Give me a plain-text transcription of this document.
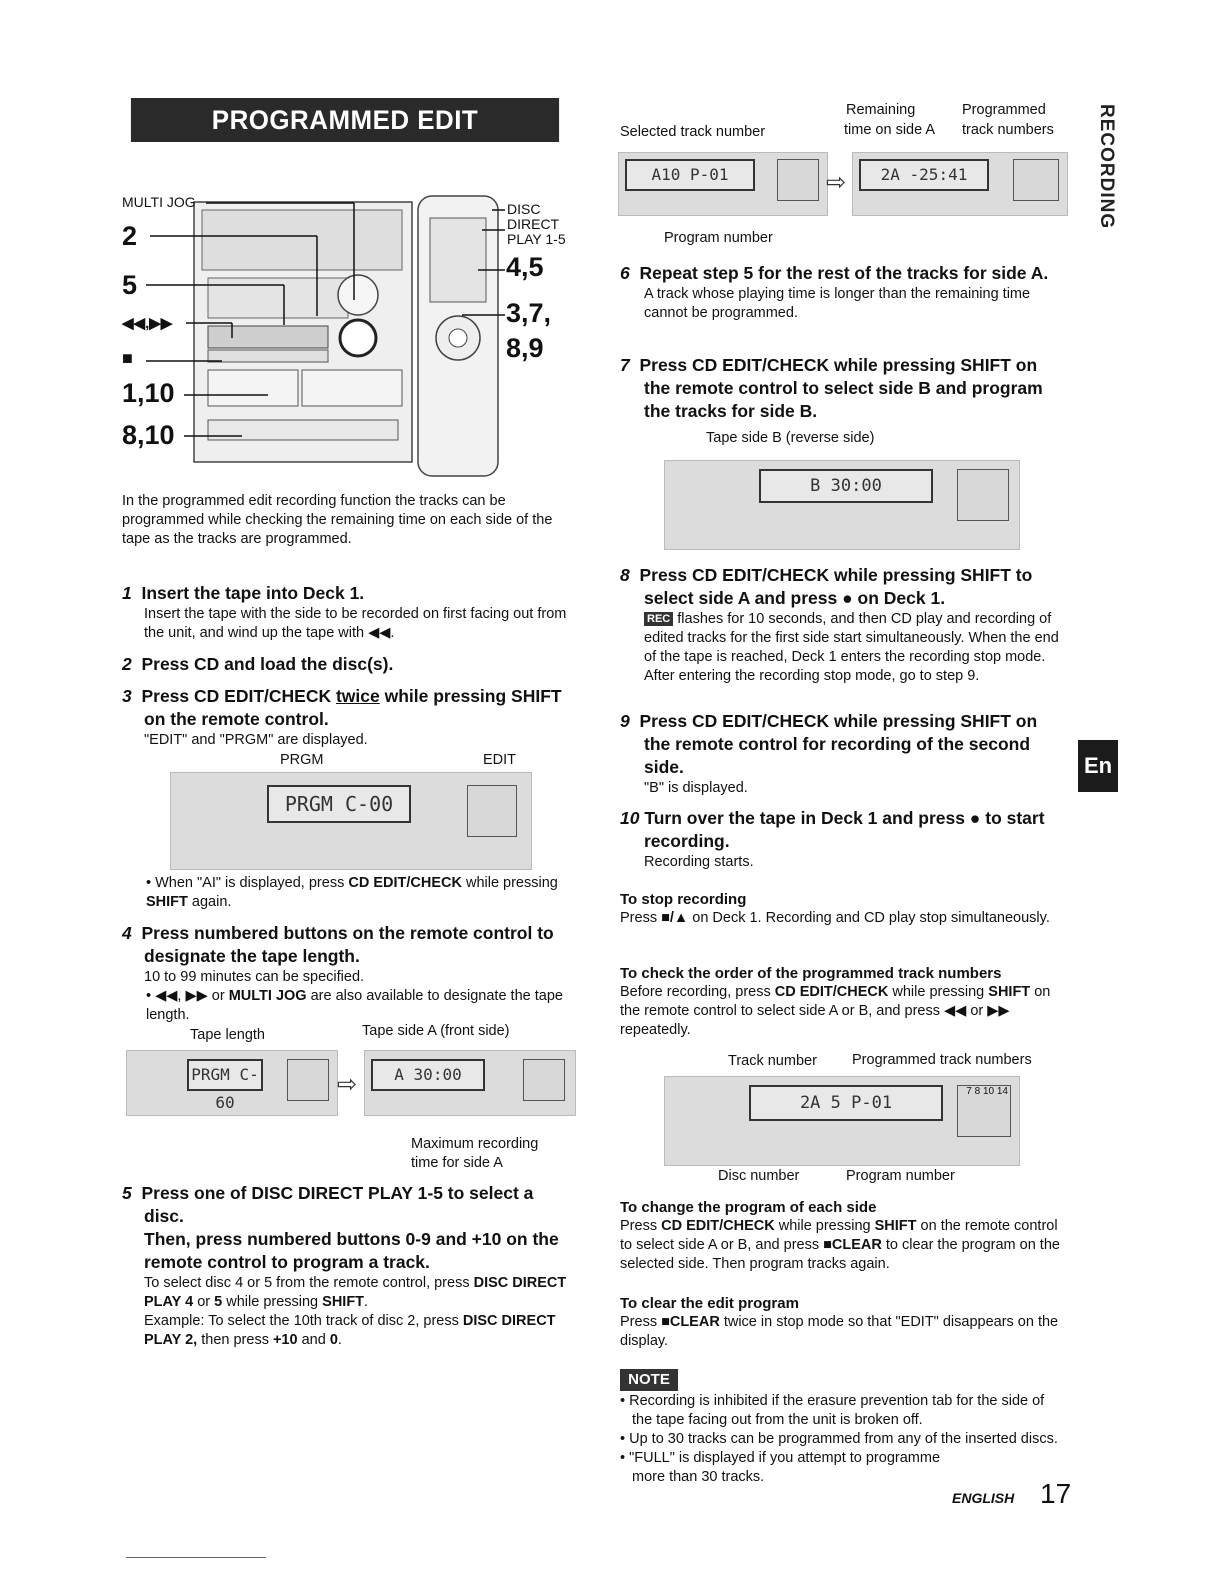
PROGRAMMED EDIT RECORDING	RECORDING
En
MULTI JOG
2
5
◀◀,▶▶
■
1,10
8,10
DISC
DIRECT
PLAY 1-5
4,5
3,7,
8,9
In the programmed edit recording function the tracks can be programmed while checking the remaining time on each side of the tape as the tracks are programmed.
1 Insert the tape into Deck 1.
Insert the tape with the side to be recorded on first facing out from the unit, and wind up the tape with ◀◀.
2 Press CD and load the disc(s).
3 Press CD EDIT/CHECK twice while pressing SHIFT on the remote control.
"EDIT" and "PRGM" are displayed.
PRGM	EDIT
PRGM C-00
• When "AI" is displayed, press CD EDIT/CHECK while pressing SHIFT again.
4 Press numbered buttons on the remote control to designate the tape length.
10 to 99 minutes can be specified.
• ◀◀, ▶▶ or MULTI JOG are also available to designate the tape length.
Tape length	Tape side A (front side)
PRGM C-60
⇨	A 30:00
Maximum recording
time for side A
5 Press one of DISC DIRECT PLAY 1-5 to select a disc.
Then, press numbered buttons 0-9 and +10 on the remote control to program a track.
To select disc 4 or 5 from the remote control, press DISC DIRECT PLAY 4 or 5 while pressing SHIFT.
Example: To select the 10th track of disc 2, press DISC DIRECT PLAY 2, then press +10 and 0.
Selected track number
Remaining
time on side A
Programmed
track numbers
A10 P-01	⇨	2A -25:41
Program number
6 Repeat step 5 for the rest of the tracks for side A.
A track whose playing time is longer than the remaining time cannot be programmed.
7 Press CD EDIT/CHECK while pressing SHIFT on the remote control to select side B and program the tracks for side B.
Tape side B (reverse side)
B 30:00
8 Press CD EDIT/CHECK while pressing SHIFT to select side A and press ● on Deck 1.
REC flashes for 10 seconds, and then CD play and recording of edited tracks for the first side start simultaneously. When the end of the tape is reached, Deck 1 enters the recording stop mode. After entering the recording stop mode, go to step 9.
9 Press CD EDIT/CHECK while pressing SHIFT on the remote control for recording of the second side.
"B" is displayed.
10 Turn over the tape in Deck 1 and press ● to start recording.
Recording starts.
To stop recording
Press ■/▲ on Deck 1. Recording and CD play stop simultaneously.
To check the order of the programmed track numbers
Before recording, press CD EDIT/CHECK while pressing SHIFT on the remote control to select side A or B, and press ◀◀ or ▶▶ repeatedly.
Track number Programmed track numbers
2A 5 P-01
7 8 10 14
Disc number	Program number
To change the program of each side
Press CD EDIT/CHECK while pressing SHIFT on the remote control to select side A or B, and press ■CLEAR to clear the program on the selected side. Then program tracks again.
To clear the edit program
Press ■CLEAR twice in stop mode so that "EDIT" disappears on the display.
NOTE
• Recording is inhibited if the erasure prevention tab for the side of the tape facing out from the unit is broken off.
• Up to 30 tracks can be programmed from any of the inserted discs.
• "FULL" is displayed if you attempt to programme more than 30 tracks.
ENGLISH 17
